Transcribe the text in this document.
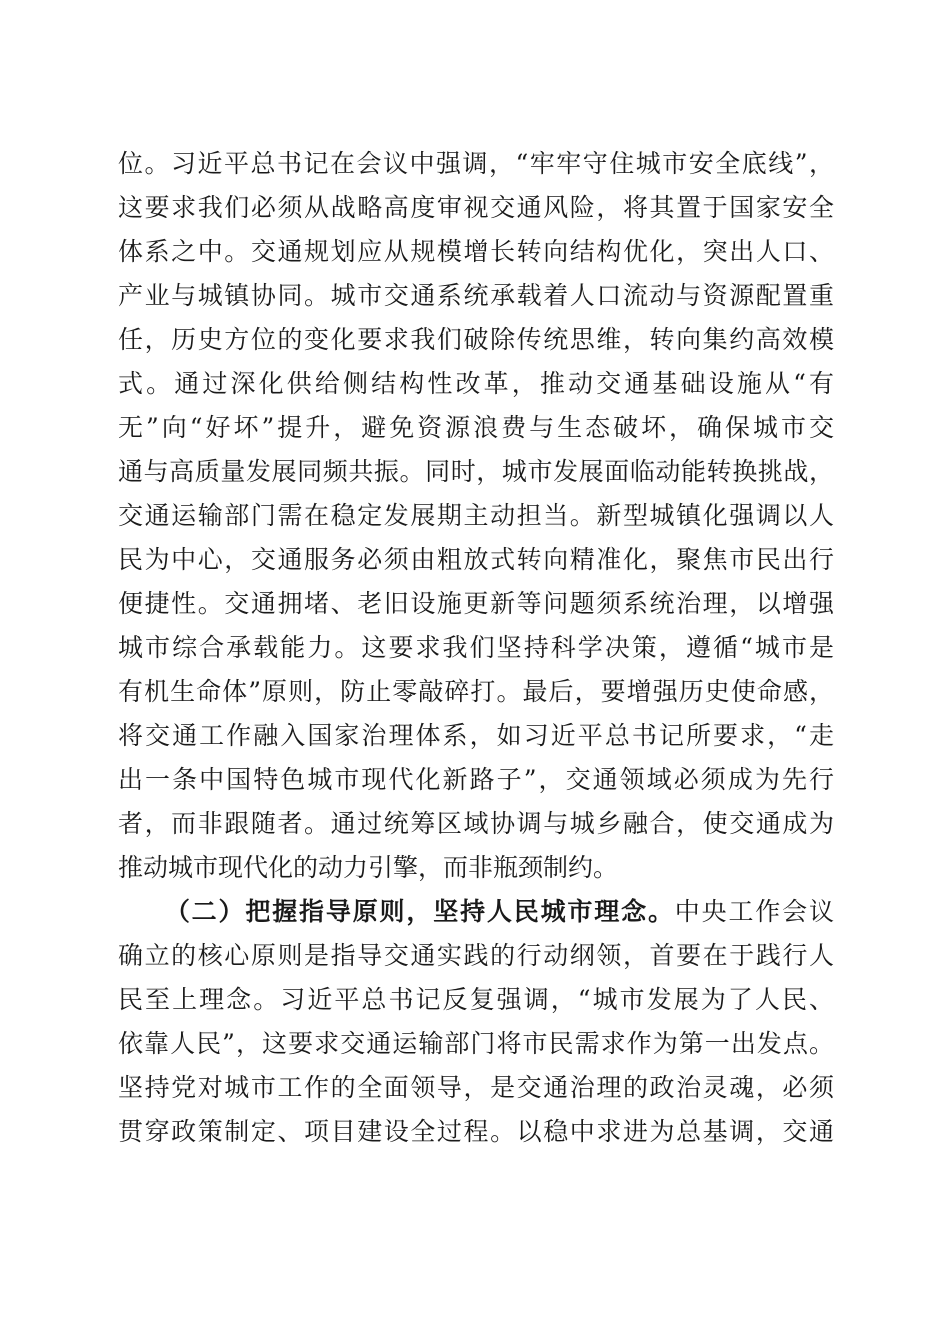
位。习近平总书记在会议中强调，“牢牢守住城市安全底线”，
这要求我们必须从战略高度审视交通风险，将其置于国家安全
体系之中。交通规划应从规模增长转向结构优化，突出人口、
产业与城镇协同。城市交通系统承载着人口流动与资源配置重
任，历史方位的变化要求我们破除传统思维，转向集约高效模
式。通过深化供给侧结构性改革，推动交通基础设施从“有
无”向“好坏”提升，避免资源浪费与生态破坏，确保城市交
通与高质量发展同频共振。同时，城市发展面临动能转换挑战，
交通运输部门需在稳定发展期主动担当。新型城镇化强调以人
民为中心，交通服务必须由粗放式转向精准化，聚焦市民出行
便捷性。交通拥堵、老旧设施更新等问题须系统治理，以增强
城市综合承载能力。这要求我们坚持科学决策，遵循“城市是
有机生命体”原则，防止零敲碎打。最后，要增强历史使命感，
将交通工作融入国家治理体系，如习近平总书记所要求，“走
出一条中国特色城市现代化新路子”，交通领域必须成为先行
者，而非跟随者。通过统筹区域协调与城乡融合，使交通成为
推动城市现代化的动力引擎，而非瓶颈制约。
（二）把握指导原则，坚持人民城市理念。中央工作会议
确立的核心原则是指导交通实践的行动纲领，首要在于践行人
民至上理念。习近平总书记反复强调，“城市发展为了人民、
依靠人民”，这要求交通运输部门将市民需求作为第一出发点。
坚持党对城市工作的全面领导，是交通治理的政治灵魂，必须
贯穿政策制定、项目建设全过程。以稳中求进为总基调，交通
